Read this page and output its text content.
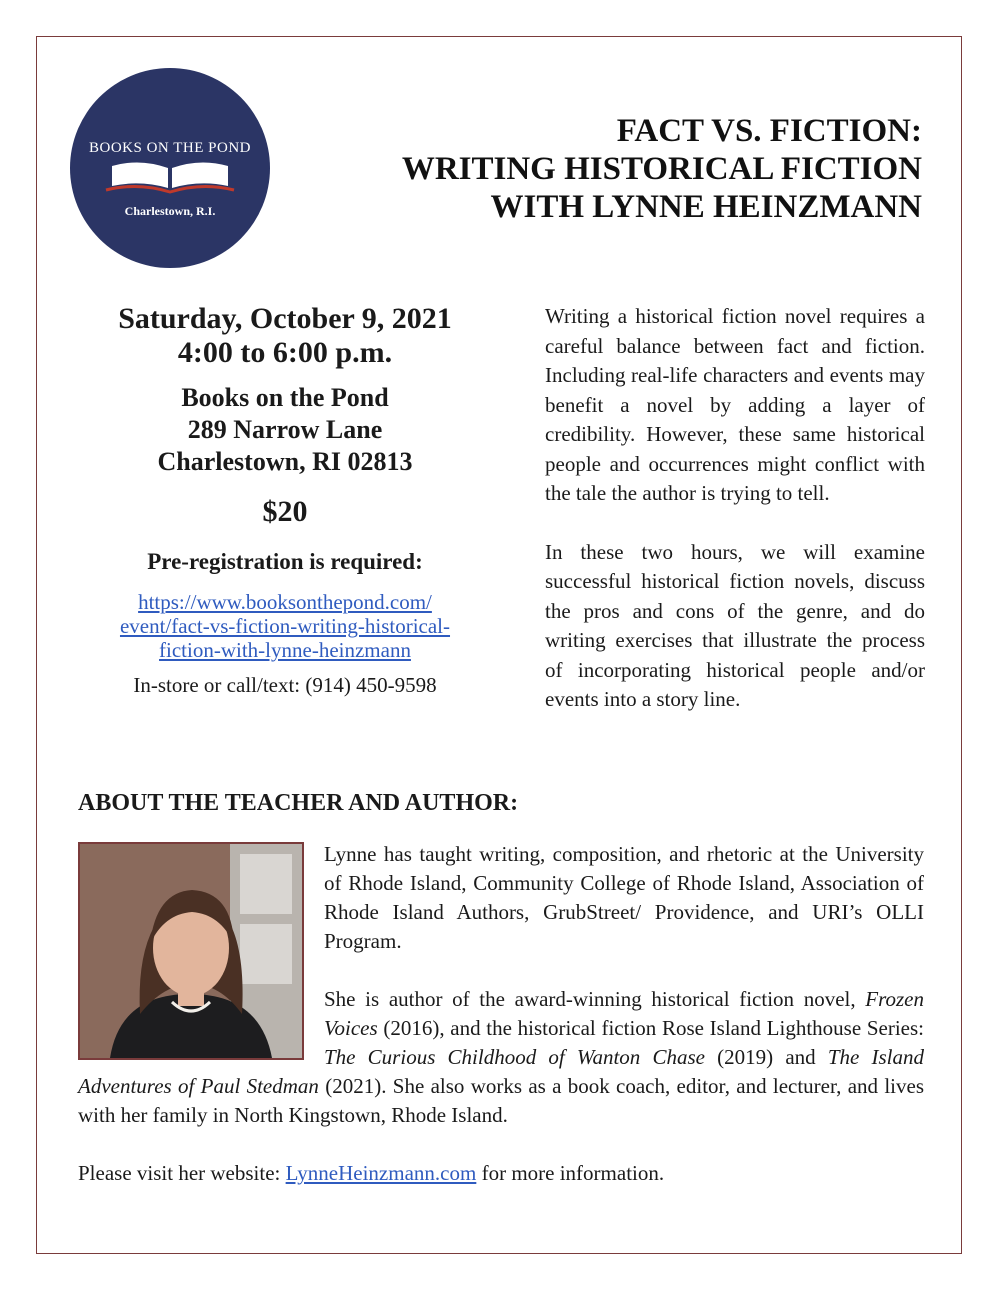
BOOKS ON THE POND
Charlestown, R.I.
FACT VS. FICTION:
WRITING HISTORICAL FICTION
WITH LYNNE HEINZMANN
Saturday, October 9, 2021
4:00 to 6:00 p.m.
Books on the Pond
289 Narrow Lane
Charlestown, RI 02813
$20
Pre-registration is required:
https://www.booksonthepond.com/
event/fact-vs-fiction-writing-historical-
fiction-with-lynne-heinzmann
In-store or call/text: (914) 450-9598

Writing a historical fiction novel requires a careful balance between fact and fiction. Including real-life characters and events may benefit a novel by adding a layer of credibility. However, these same historical people and occurrences might conflict with the tale the author is trying to tell.

In these two hours, we will examine successful historical fiction novels, discuss the pros and cons of the genre, and do writing exercises that illustrate the process of incorporating historical people and/or events into a story line.

ABOUT THE TEACHER AND AUTHOR:

Lynne has taught writing, composition, and rhetoric at the University of Rhode Island, Community College of Rhode Island, Association of Rhode Island Authors, GrubStreet/ Providence, and URI’s OLLI Program.

She is author of the award-winning historical fiction novel, Frozen Voices (2016), and the historical fiction Rose Island Lighthouse Series: The Curious Childhood of Wanton Chase (2019) and The Island Adventures of Paul Stedman (2021). She also works as a book coach, editor, and lecturer, and lives with her family in North Kingstown, Rhode Island.

Please visit her website: LynneHeinzmann.com for more information.
